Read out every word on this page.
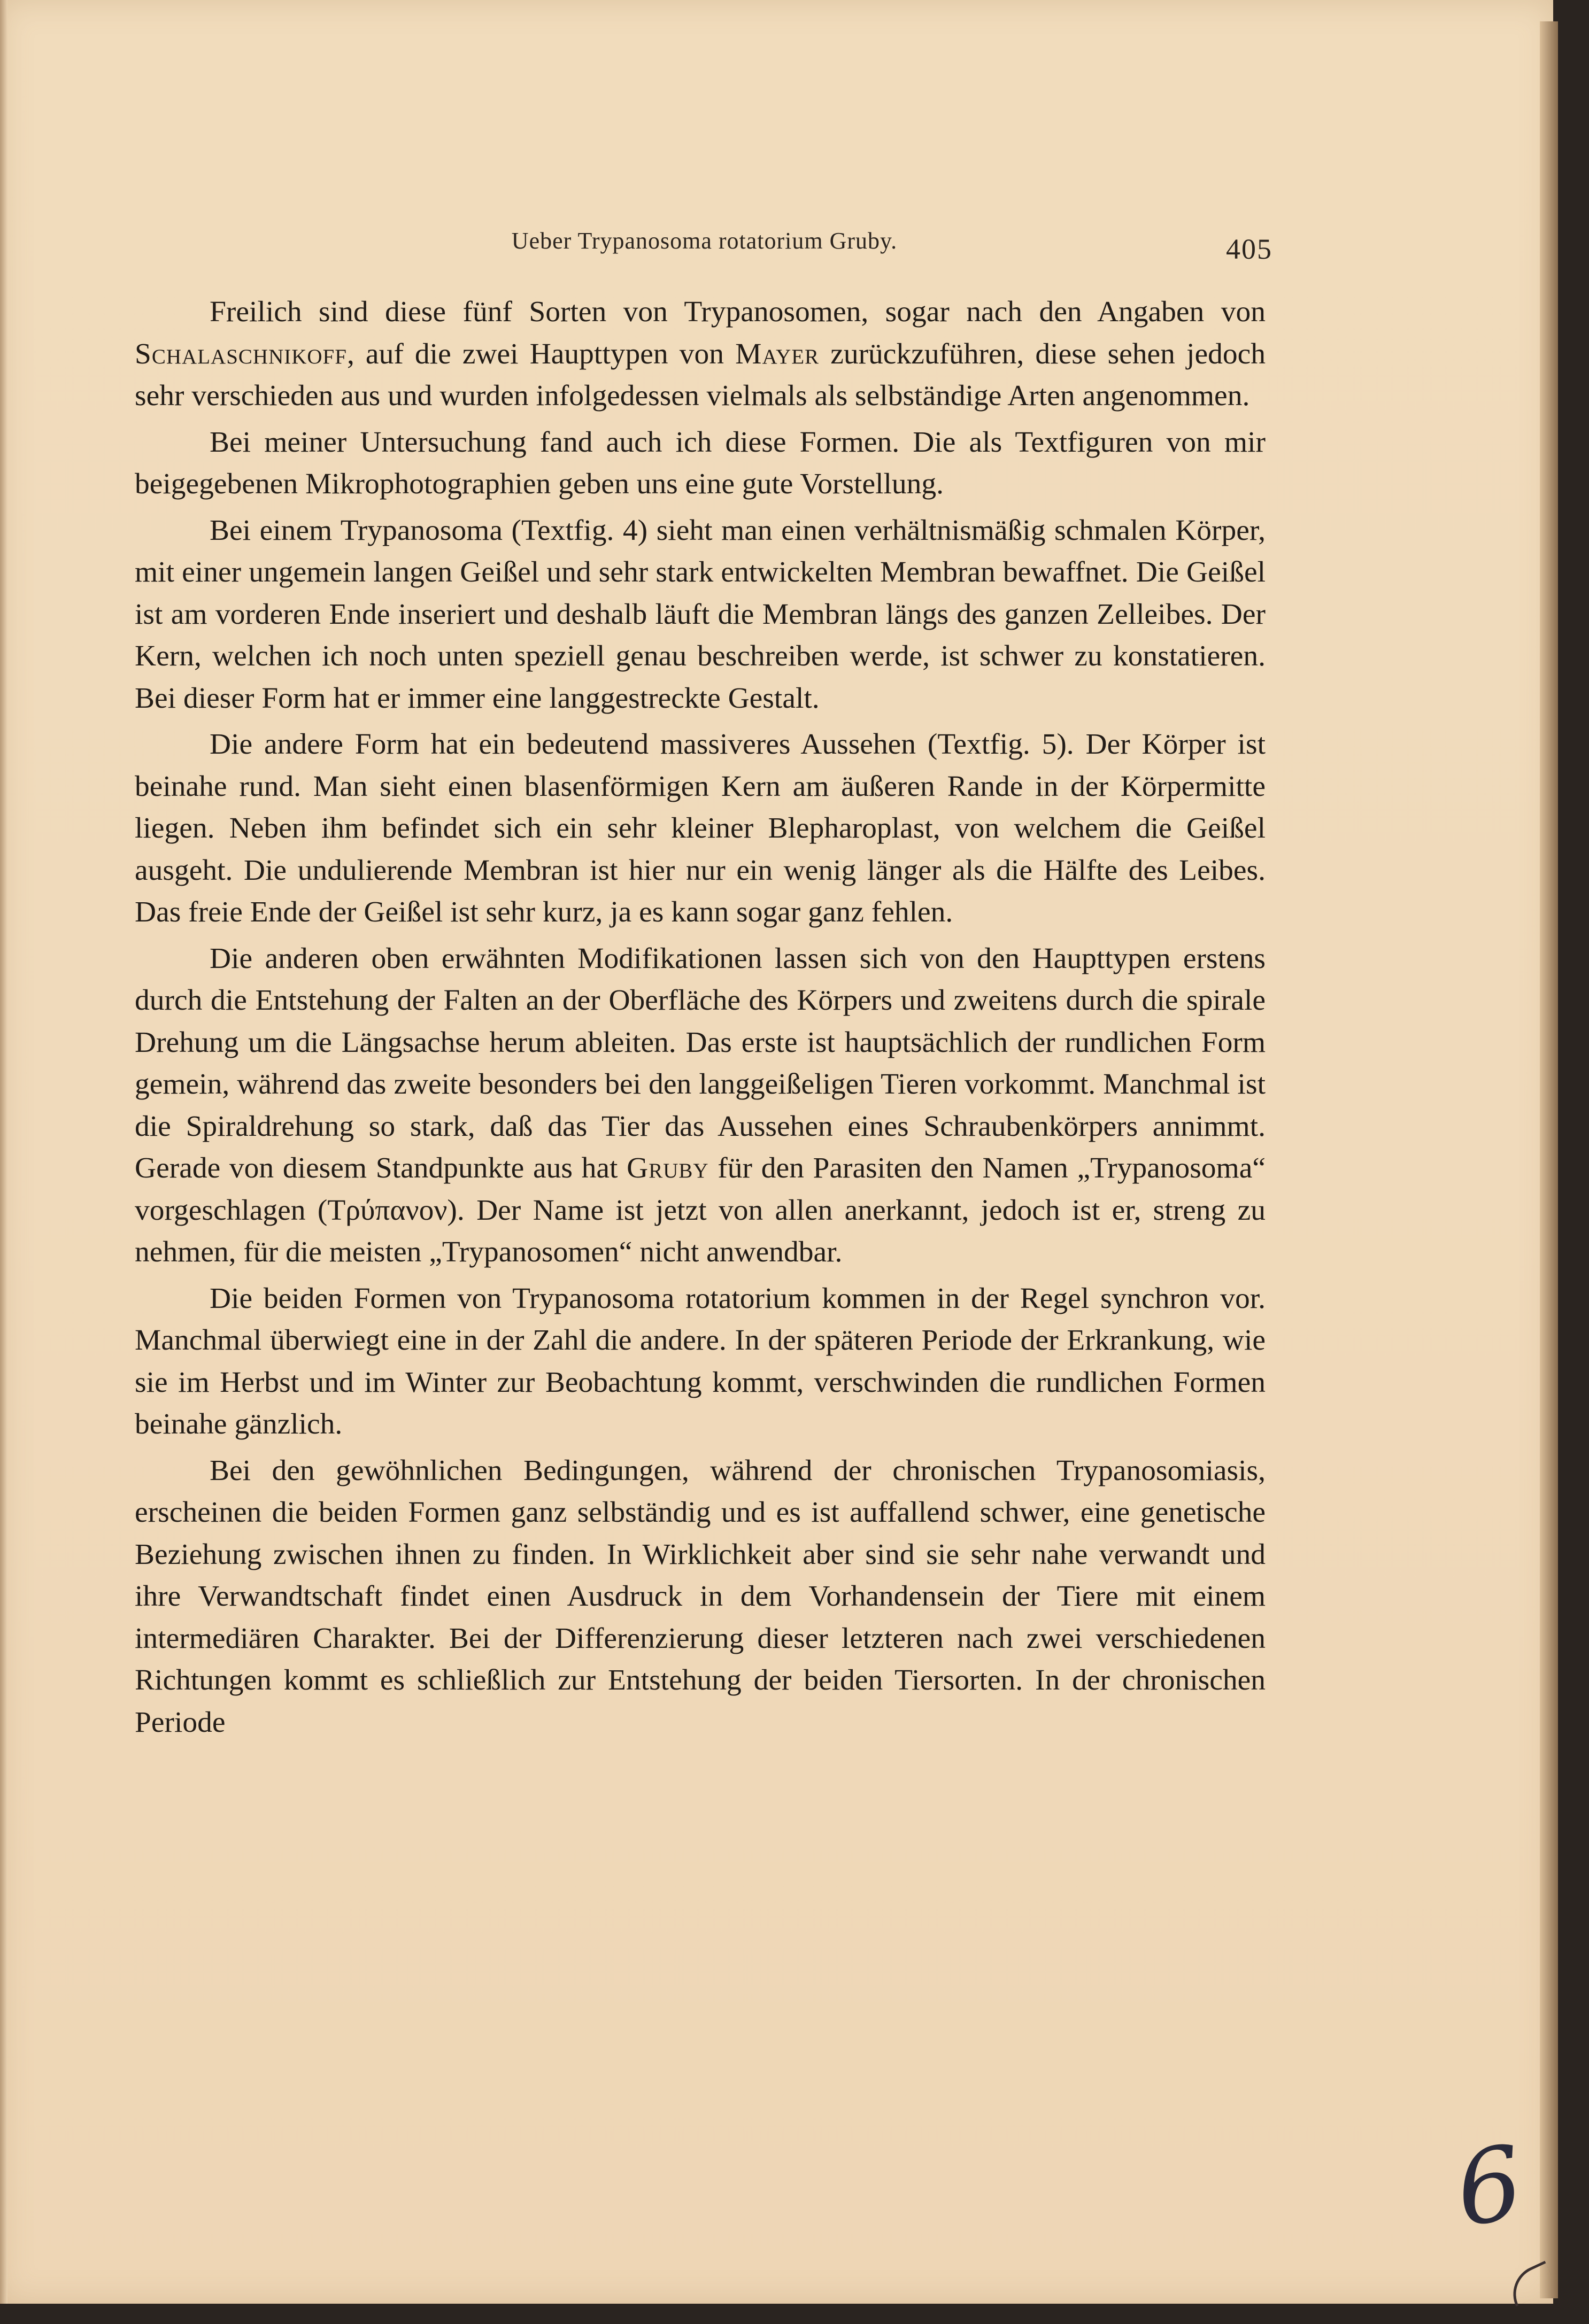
Ueber Trypanosoma rotatorium Gruby.	405

Freilich sind diese fünf Sorten von Trypanosomen, sogar nach den Angaben von Schalaschnikoff, auf die zwei Haupttypen von Mayer zurückzuführen, diese sehen jedoch sehr verschieden aus und wurden infolgedessen vielmals als selbständige Arten angenommen.

Bei meiner Untersuchung fand auch ich diese Formen. Die als Textfiguren von mir beigegebenen Mikrophotographien geben uns eine gute Vorstellung.

Bei einem Trypanosoma (Textfig. 4) sieht man einen verhältnismäßig schmalen Körper, mit einer ungemein langen Geißel und sehr stark entwickelten Membran bewaffnet. Die Geißel ist am vorderen Ende inseriert und deshalb läuft die Membran längs des ganzen Zelleibes. Der Kern, welchen ich noch unten speziell genau beschreiben werde, ist schwer zu konstatieren. Bei dieser Form hat er immer eine langgestreckte Gestalt.

Die andere Form hat ein bedeutend massiveres Aussehen (Textfig. 5). Der Körper ist beinahe rund. Man sieht einen blasenförmigen Kern am äußeren Rande in der Körpermitte liegen. Neben ihm befindet sich ein sehr kleiner Blepharoplast, von welchem die Geißel ausgeht. Die undulierende Membran ist hier nur ein wenig länger als die Hälfte des Leibes. Das freie Ende der Geißel ist sehr kurz, ja es kann sogar ganz fehlen.

Die anderen oben erwähnten Modifikationen lassen sich von den Haupttypen erstens durch die Entstehung der Falten an der Oberfläche des Körpers und zweitens durch die spirale Drehung um die Längsachse herum ableiten. Das erste ist hauptsächlich der rundlichen Form gemein, während das zweite besonders bei den langgeißeligen Tieren vorkommt. Manchmal ist die Spiraldrehung so stark, daß das Tier das Aussehen eines Schraubenkörpers annimmt. Gerade von diesem Standpunkte aus hat Gruby für den Parasiten den Namen „Trypanosoma“ vorgeschlagen (Τρύπανον). Der Name ist jetzt von allen anerkannt, jedoch ist er, streng zu nehmen, für die meisten „Trypanosomen“ nicht anwendbar.

Die beiden Formen von Trypanosoma rotatorium kommen in der Regel synchron vor. Manchmal überwiegt eine in der Zahl die andere. In der späteren Periode der Erkrankung, wie sie im Herbst und im Winter zur Beobachtung kommt, verschwinden die rundlichen Formen beinahe gänzlich.

Bei den gewöhnlichen Bedingungen, während der chronischen Trypanosomiasis, erscheinen die beiden Formen ganz selbständig und es ist auffallend schwer, eine genetische Beziehung zwischen ihnen zu finden. In Wirklichkeit aber sind sie sehr nahe verwandt und ihre Verwandtschaft findet einen Ausdruck in dem Vorhandensein der Tiere mit einem intermediären Charakter. Bei der Differenzierung dieser letzteren nach zwei verschiedenen Richtungen kommt es schließlich zur Entstehung der beiden Tiersorten. In der chronischen Periode

6
